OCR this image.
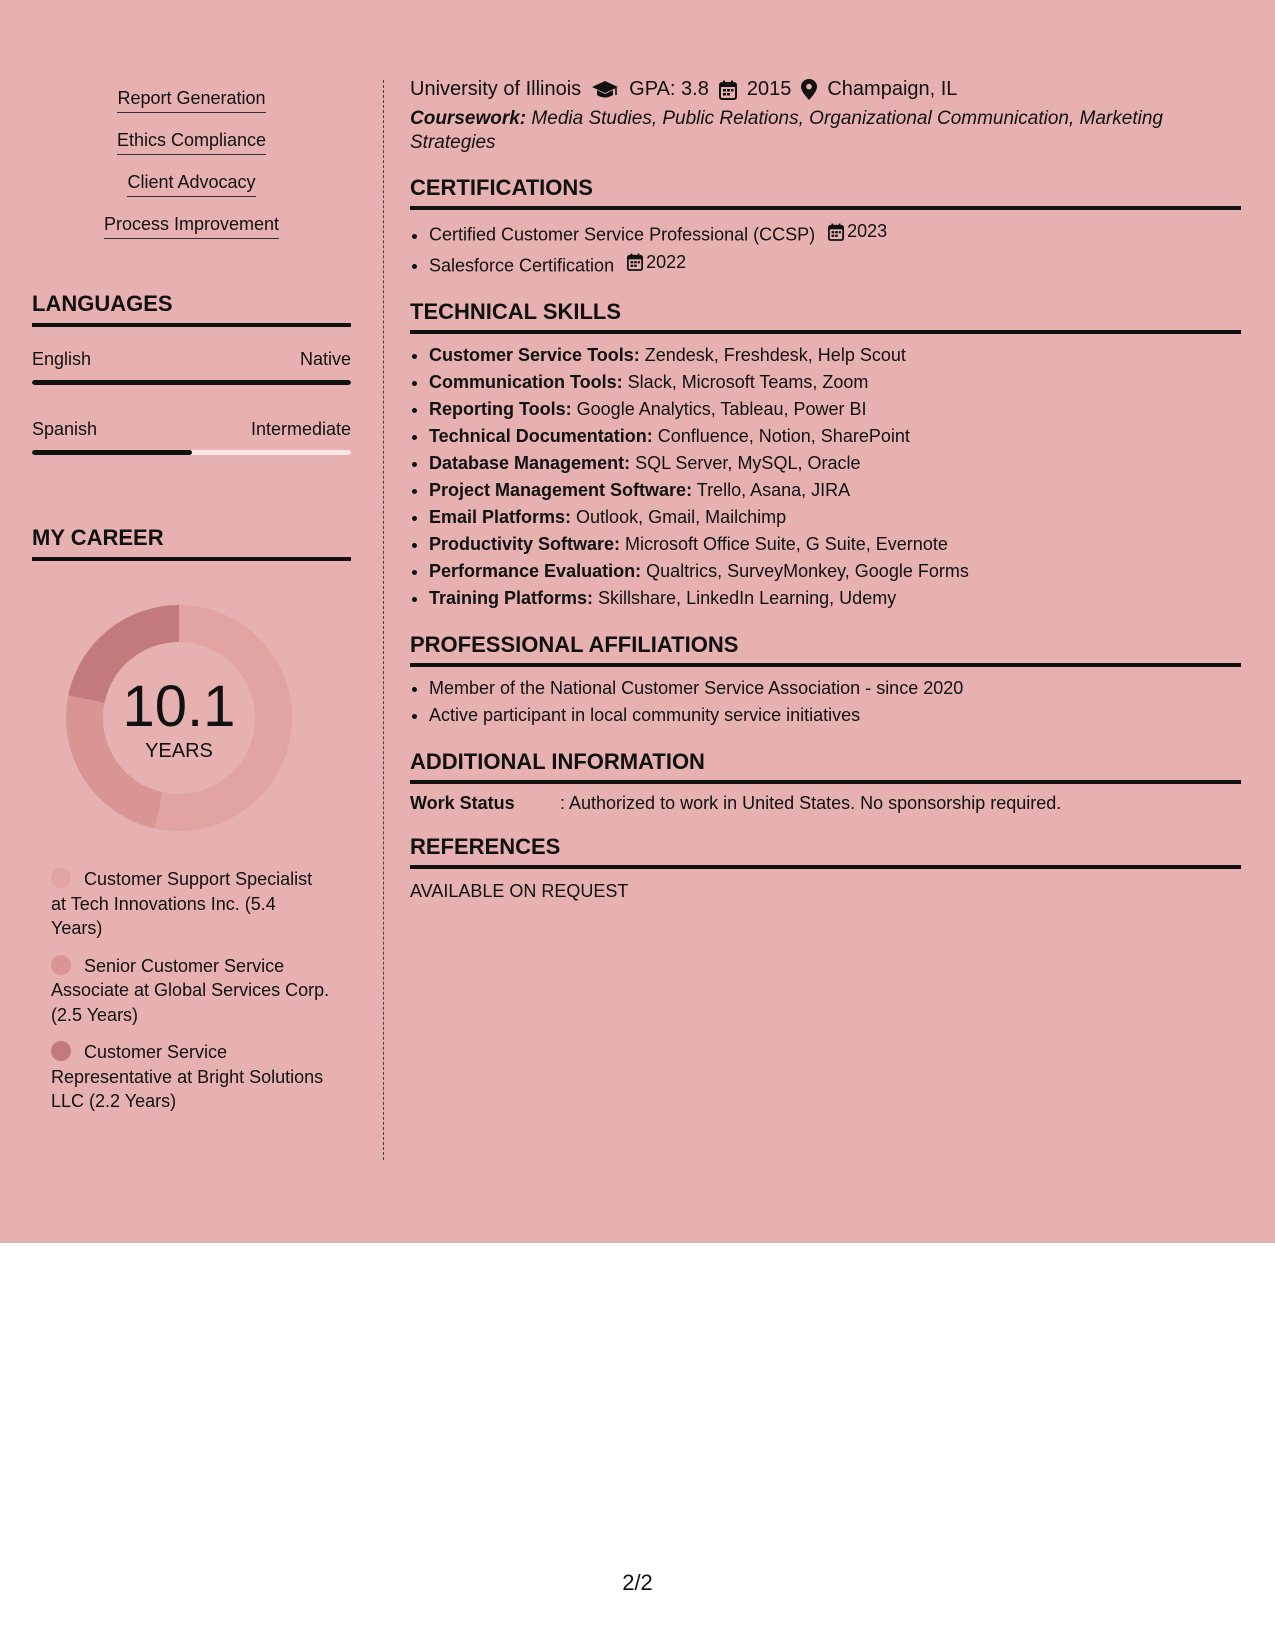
Report Generation
Ethics Compliance
Client Advocacy
Process Improvement
LANGUAGES
English	Native
Spanish	Intermediate
MY CAREER
10.1
YEARS
Customer Support Specialist at Tech Innovations Inc. (5.4 Years)
Senior Customer Service Associate at Global Services Corp. (2.5 Years)
Customer Service Representative at Bright Solutions LLC (2.2 Years)
University of Illinois GPA: 3.8 2015 Champaign, IL
Coursework: Media Studies, Public Relations, Organizational Communication, Marketing Strategies
CERTIFICATIONS
• Certified Customer Service Professional (CCSP) 2023
• Salesforce Certification 2022
TECHNICAL SKILLS
• Customer Service Tools: Zendesk, Freshdesk, Help Scout
• Communication Tools: Slack, Microsoft Teams, Zoom
• Reporting Tools: Google Analytics, Tableau, Power BI
• Technical Documentation: Confluence, Notion, SharePoint
• Database Management: SQL Server, MySQL, Oracle
• Project Management Software: Trello, Asana, JIRA
• Email Platforms: Outlook, Gmail, Mailchimp
• Productivity Software: Microsoft Office Suite, G Suite, Evernote
• Performance Evaluation: Qualtrics, SurveyMonkey, Google Forms
• Training Platforms: Skillshare, LinkedIn Learning, Udemy
PROFESSIONAL AFFILIATIONS
• Member of the National Customer Service Association - since 2020
• Active participant in local community service initiatives
ADDITIONAL INFORMATION
Work Status	: Authorized to work in United States. No sponsorship required.
REFERENCES
AVAILABLE ON REQUEST
2/2
